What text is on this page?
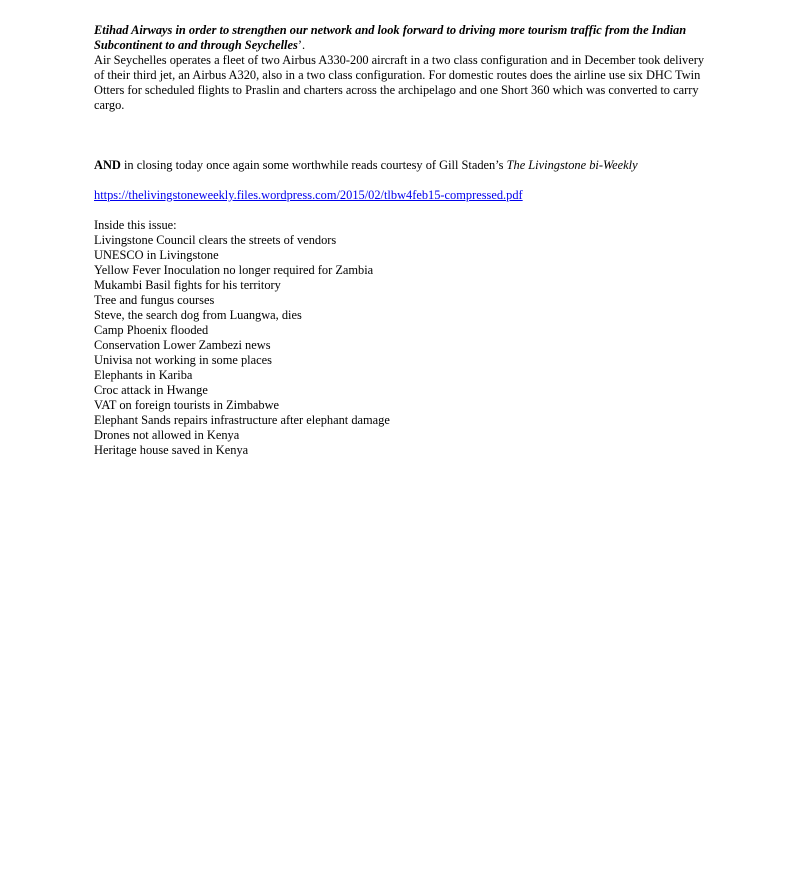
Etihad Airways in order to strengthen our network and look forward to driving more tourism traffic from the Indian Subcontinent to and through Seychelles’.

Air Seychelles operates a fleet of two Airbus A330-200 aircraft in a two class configuration and in December took delivery of their third jet, an Airbus A320, also in a two class configuration. For domestic routes does the airline use six DHC Twin Otters for scheduled flights to Praslin and charters across the archipelago and one Short 360 which was converted to carry cargo.

AND in closing today once again some worthwhile reads courtesy of Gill Staden’s The Livingstone bi-Weekly

https://thelivingstoneweekly.files.wordpress.com/2015/02/tlbw4feb15-compressed.pdf

Inside this issue:
Livingstone Council clears the streets of vendors
UNESCO in Livingstone
Yellow Fever Inoculation no longer required for Zambia
Mukambi Basil fights for his territory
Tree and fungus courses
Steve, the search dog from Luangwa, dies
Camp Phoenix flooded
Conservation Lower Zambezi news
Univisa not working in some places
Elephants in Kariba
Croc attack in Hwange
VAT on foreign tourists in Zimbabwe
Elephant Sands repairs infrastructure after elephant damage
Drones not allowed in Kenya
Heritage house saved in Kenya
